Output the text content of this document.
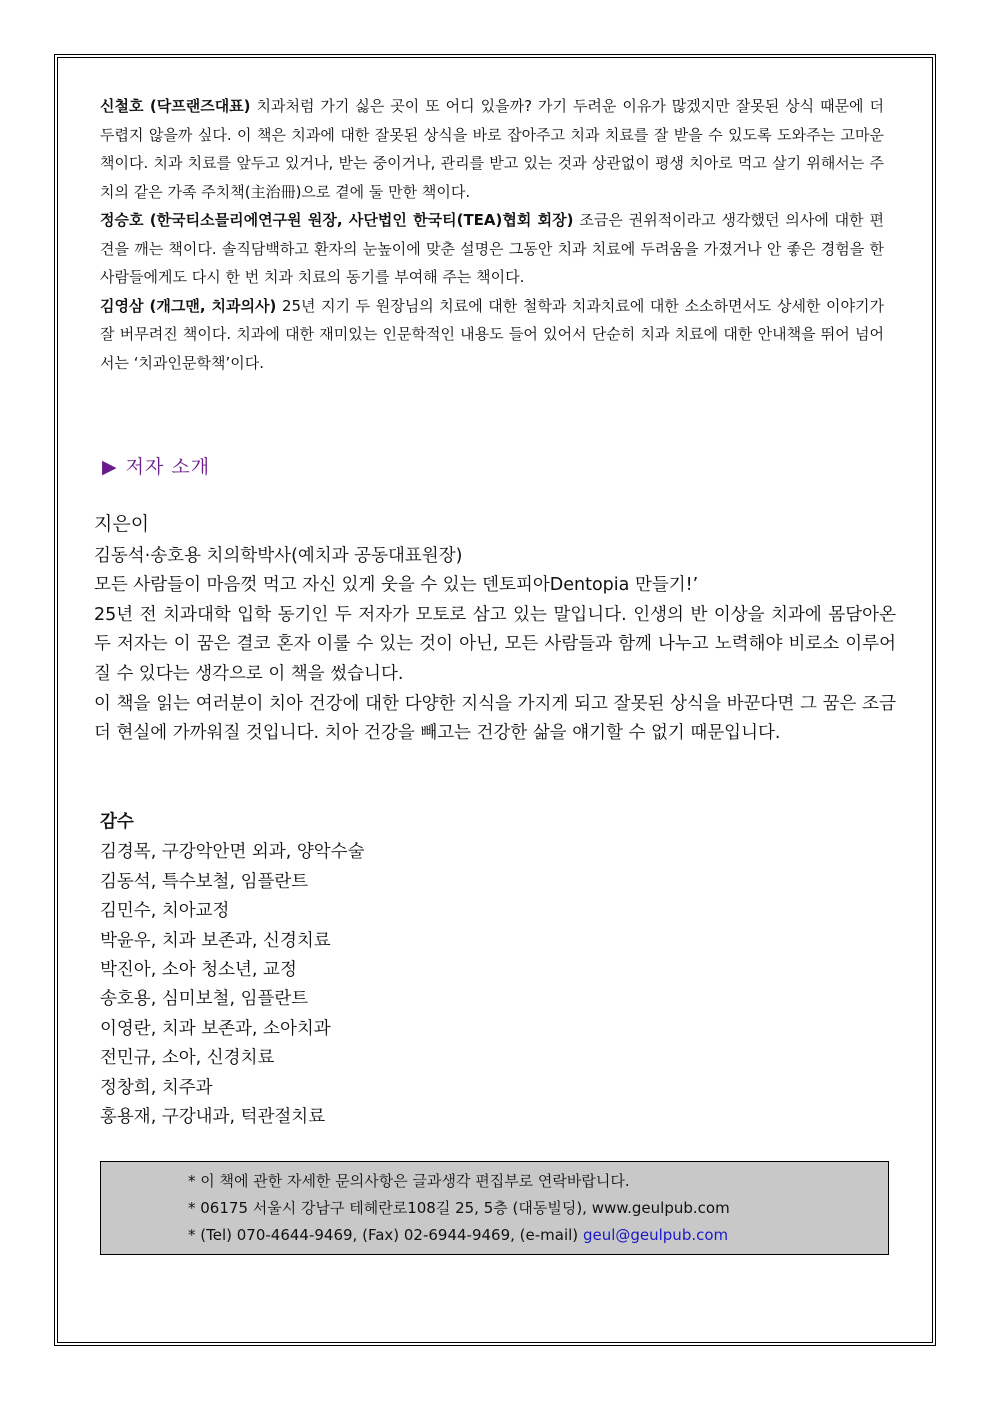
신철호 (닥프랜즈대표) 치과처럼 가기 싫은 곳이 또 어디 있을까? 가기 두려운 이유가 많겠지만 잘못된 상식 때문에 더 두렵지 않을까 싶다. 이 책은 치과에 대한 잘못된 상식을 바로 잡아주고 치과 치료를 잘 받을 수 있도록 도와주는 고마운 책이다. 치과 치료를 앞두고 있거나, 받는 중이거나, 관리를 받고 있는 것과 상관없이 평생 치아로 먹고 살기 위해서는 주치의 같은 가족 주치책(主治冊)으로 곁에 둘 만한 책이다.

정승호 (한국티소믈리에연구원 원장, 사단법인 한국티(TEA)협회 회장) 조금은 권위적이라고 생각했던 의사에 대한 편견을 깨는 책이다. 솔직담백하고 환자의 눈높이에 맞춘 설명은 그동안 치과 치료에 두려움을 가졌거나 안 좋은 경험을 한 사람들에게도 다시 한 번 치과 치료의 동기를 부여해 주는 책이다.

김영삼 (개그맨, 치과의사) 25년 지기 두 원장님의 치료에 대한 철학과 치과치료에 대한 소소하면서도 상세한 이야기가 잘 버무려진 책이다. 치과에 대한 재미있는 인문학적인 내용도 들어 있어서 단순히 치과 치료에 대한 안내책을 뛰어 넘어서는 ‘치과인문학책’이다.

▶ 저자 소개

지은이

김동석·송호용 치의학박사(예치과 공동대표원장)

모든 사람들이 마음껏 먹고 자신 있게 웃을 수 있는 덴토피아Dentopia 만들기!’

25년 전 치과대학 입학 동기인 두 저자가 모토로 삼고 있는 말입니다. 인생의 반 이상을 치과에 몸담아온 두 저자는 이 꿈은 결코 혼자 이룰 수 있는 것이 아닌, 모든 사람들과 함께 나누고 노력해야 비로소 이루어질 수 있다는 생각으로 이 책을 썼습니다.

이 책을 읽는 여러분이 치아 건강에 대한 다양한 지식을 가지게 되고 잘못된 상식을 바꾼다면 그 꿈은 조금 더 현실에 가까워질 것입니다. 치아 건강을 빼고는 건강한 삶을 얘기할 수 없기 때문입니다.

감수
김경목, 구강악안면 외과, 양악수술
김동석, 특수보철, 임플란트
김민수, 치아교정
박윤우, 치과 보존과, 신경치료
박진아, 소아 청소년, 교정
송호용, 심미보철, 임플란트
이영란, 치과 보존과, 소아치과
전민규, 소아, 신경치료
정창희, 치주과
홍용재, 구강내과, 턱관절치료
* 이 책에 관한 자세한 문의사항은 글과생각 편집부로 연락바랍니다.
* 06175 서울시 강남구 테헤란로108길 25, 5층 (대동빌딩), www.geulpub.com
* (Tel) 070-4644-9469, (Fax) 02-6944-9469, (e-mail) geul@geulpub.com
